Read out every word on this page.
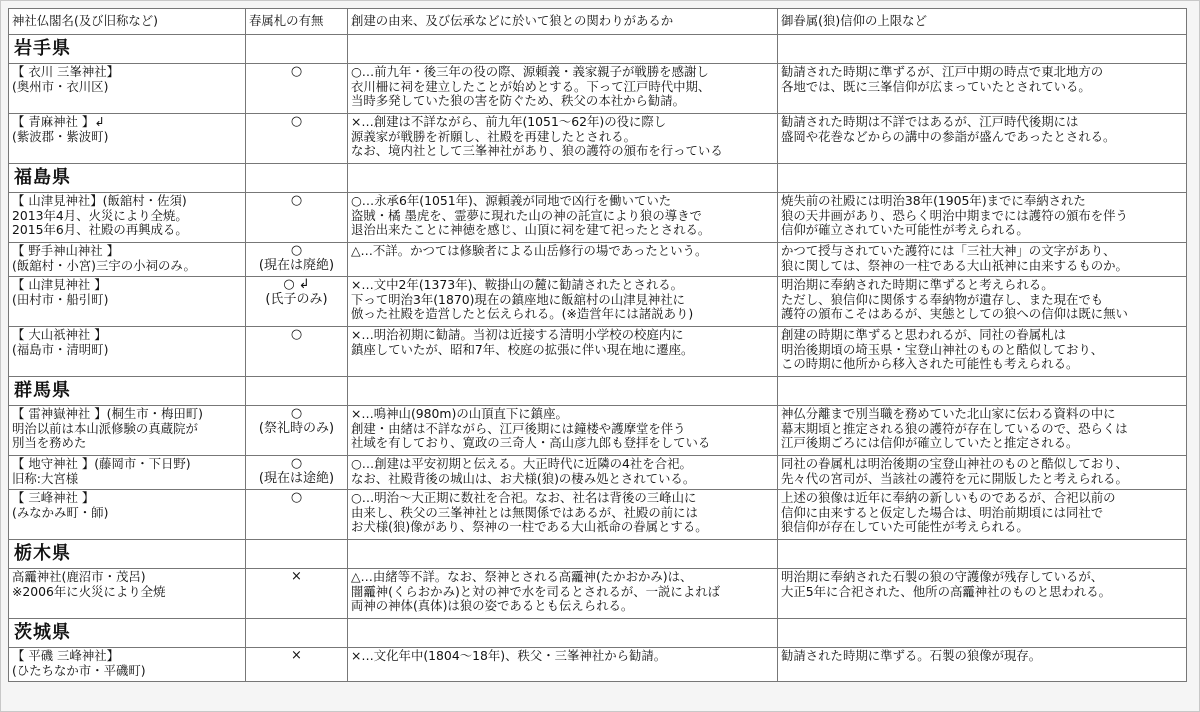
神社仏閣名(及び旧称など)	春属札の有無	創建の由来、及び伝承などに於いて狼との関わりがあるか	御眷属(狼)信仰の上限など
岩手県			

【 衣川 三峯神社】
(奥州市・衣川区)	○	○…前九年・後三年の役の際、源頼義・義家親子が戦勝を感謝し
衣川柵に祠を建立したことが始めとする。下って江戸時代中期、
当時多発していた狼の害を防ぐため、秩父の本社から勧請。	勧請された時期に準ずるが、江戸中期の時点で東北地方の
各地では、既に三峯信仰が広まっていたとされている。

【 青麻神社 】↲
(紫波郡・紫波町)	○	×…創建は不詳ながら、前九年(1051〜62年)の役に際し
源義家が戦勝を祈願し、社殿を再建したとされる。
なお、境内社として三峯神社があり、狼の護符の頒布を行っている	勧請された時期は不詳ではあるが、江戸時代後期には
盛岡や花巻などからの講中の参詣が盛んであったとされる。

福島県			

【 山津見神社】(飯舘村・佐須)
2013年4月、火災により全焼。
2015年6月、社殿の再興成る。	○	○…永承6年(1051年)、源頼義が同地で凶行を働いていた
盗賊・橘 墨虎を、霊夢に現れた山の神の託宣により狼の導きで
退治出来たことに神徳を感じ、山頂に祠を建て祀ったとされる。	焼失前の社殿には明治38年(1905年)までに奉納された
狼の天井画があり、恐らく明治中期までには護符の頒布を伴う
信仰が確立されていた可能性が考えられる。

【 野手神山神社 】
(飯舘村・小宮)三宇の小祠のみ。	○
(現在は廃絶)	△…不詳。かつては修験者による山岳修行の場であったという。	かつて授与されていた護符には「三社大神」の文字があり、
狼に関しては、祭神の一柱である大山祇神に由来するものか。

【 山津見神社 】
(田村市・船引町)	○ ↲
(氏子のみ)	×…文中2年(1373年)、鞍掛山の麓に勧請されたとされる。
下って明治3年(1870)現在の鎮座地に飯舘村の山津見神社に
倣った社殿を造営したと伝えられる。(※造営年には諸説あり)	明治期に奉納された時期に準ずると考えられる。
ただし、狼信仰に関係する奉納物が遺存し、また現在でも
護符の頒布こそはあるが、実態としての狼への信仰は既に無い

【 大山祇神社 】
(福島市・清明町)	○	×…明治初期に勧請。当初は近接する清明小学校の校庭内に
鎮座していたが、昭和7年、校庭の拡張に伴い現在地に遷座。	創建の時期に準ずると思われるが、同社の眷属札は
明治後期頃の埼玉県・宝登山神社のものと酷似しており、
この時期に他所から移入された可能性も考えられる。

群馬県			

【 雷神嶽神社 】(桐生市・梅田町)
明治以前は本山派修験の真蔵院が
別当を務めた	○
(祭礼時のみ)	×…鳴神山(980m)の山頂直下に鎮座。
創建・由緒は不詳ながら、江戸後期には鐘楼や護摩堂を伴う
社域を有しており、寛政の三奇人・高山彦九郎も登拝をしている	神仏分離まで別当職を務めていた北山家に伝わる資料の中に
幕末期頃と推定される狼の護符が存在しているので、恐らくは
江戸後期ごろには信仰が確立していたと推定される。

【 地守神社 】(藤岡市・下日野)
旧称:大宮様	○
(現在は途絶)	○…創建は平安初期と伝える。大正時代に近隣の4社を合祀。
なお、社殿背後の城山は、お犬様(狼)の棲み処とされている。	同社の眷属札は明治後期の宝登山神社のものと酷似しており、
先々代の宮司が、当該社の護符を元に開版したと考えられる。

【 三峰神社 】
(みなかみ町・師)	○	○…明治〜大正期に数社を合祀。なお、社名は背後の三峰山に
由来し、秩父の三峯神社とは無関係ではあるが、社殿の前には
お犬様(狼)像があり、祭神の一柱である大山祇命の眷属とする。	上述の狼像は近年に奉納の新しいものであるが、合祀以前の
信仰に由来すると仮定した場合は、明治前期頃には同社で
狼信仰が存在していた可能性が考えられる。

栃木県			

高龗神社(鹿沼市・茂呂)
※2006年に火災により全焼	×	△…由緒等不詳。なお、祭神とされる高龗神(たかおかみ)は、
闇龗神(くらおかみ)と対の神で水を司るとされるが、一説によれば
両神の神体(真体)は狼の姿であるとも伝えられる。	明治期に奉納された石製の狼の守護像が残存しているが、
大正5年に合祀された、他所の高龗神社のものと思われる。

茨城県			

【 平磯 三峰神社】
(ひたちなか市・平磯町)	×	×…文化年中(1804〜18年)、秩父・三峯神社から勧請。	勧請された時期に準ずる。石製の狼像が現存。
